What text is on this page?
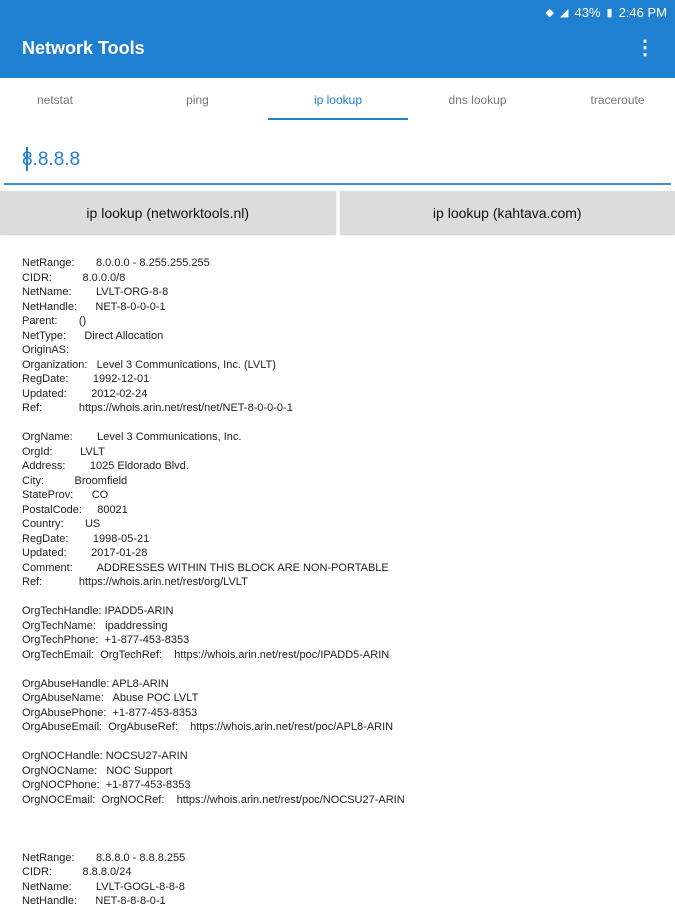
◆ ◢ 43% ▮ 2:46 PM
Network Tools	⋮
netstat	ping	ip lookup	dns lookup	traceroute
8.8.8.8
ip lookup (networktools.nl)	ip lookup (kahtava.com)
NetRange:       8.0.0.0 - 8.255.255.255
CIDR:          8.0.0.0/8
NetName:        LVLT-ORG-8-8
NetHandle:      NET-8-0-0-0-1
Parent:       ()
NetType:      Direct Allocation
OriginAS:
Organization:   Level 3 Communications, Inc. (LVLT)
RegDate:        1992-12-01
Updated:        2012-02-24
Ref:            https://whois.arin.net/rest/net/NET-8-0-0-0-1
OrgName:        Level 3 Communications, Inc.
OrgId:         LVLT
Address:        1025 Eldorado Blvd.
City:          Broomfield
StateProv:      CO
PostalCode:     80021
Country:       US
RegDate:        1998-05-21
Updated:        2017-01-28
Comment:        ADDRESSES WITHIN THIS BLOCK ARE NON-PORTABLE
Ref:            https://whois.arin.net/rest/org/LVLT
OrgTechHandle: IPADD5-ARIN
OrgTechName:   ipaddressing
OrgTechPhone:  +1-877-453-8353
OrgTechEmail:  OrgTechRef:    https://whois.arin.net/rest/poc/IPADD5-ARIN
OrgAbuseHandle: APL8-ARIN
OrgAbuseName:   Abuse POC LVLT
OrgAbusePhone:  +1-877-453-8353
OrgAbuseEmail:  OrgAbuseRef:    https://whois.arin.net/rest/poc/APL8-ARIN
OrgNOCHandle: NOCSU27-ARIN
OrgNOCName:   NOC Support
OrgNOCPhone:  +1-877-453-8353
OrgNOCEmail:  OrgNOCRef:    https://whois.arin.net/rest/poc/NOCSU27-ARIN
NetRange:       8.8.8.0 - 8.8.8.255
CIDR:          8.8.8.0/24
NetName:        LVLT-GOGL-8-8-8
NetHandle:      NET-8-8-8-0-1
